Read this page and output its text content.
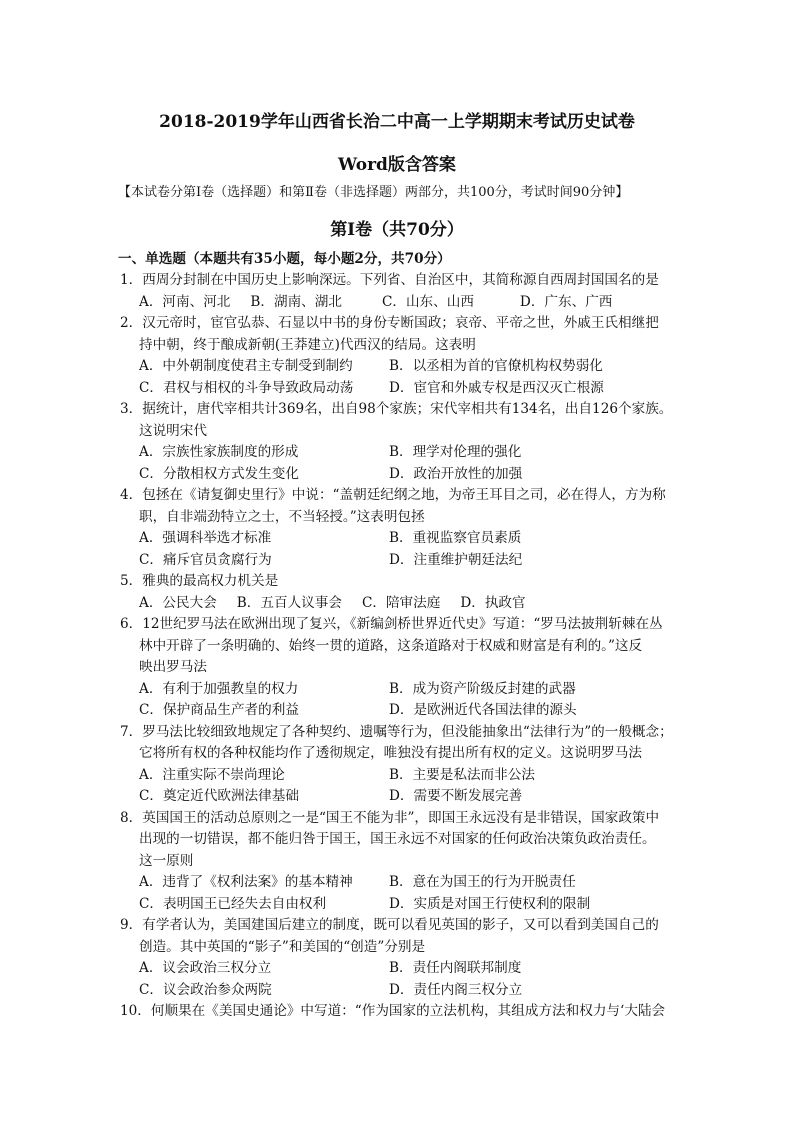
2018-2019学年山西省长治二中高一上学期期末考试历史试卷
Word版含答案
【本试卷分第Ⅰ卷（选择题）和第Ⅱ卷（非选择题）两部分，共100分，考试时间90分钟】
第Ⅰ卷（共70分）
一、单选题（本题共有35小题，每小题2分，共70分）
1．西周分封制在中国历史上影响深远。下列省、自治区中，其简称源自西周封国国名的是
A．河南、河北 B．湖南、湖北	C．山东、山西	D．广东、广西
2．汉元帝时，宦官弘恭、石显以中书的身份专断国政；哀帝、平帝之世，外戚王氏相继把
持中朝，终于酿成新朝(王莽建立)代西汉的结局。这表明
A．中外朝制度使君主专制受到制约	B．以丞相为首的官僚机构权势弱化
C．君权与相权的斗争导致政局动荡	D．宦官和外戚专权是西汉灭亡根源
3．据统计，唐代宰相共计369名，出自98个家族；宋代宰相共有134名，出自126个家族。
这说明宋代
A．宗族性家族制度的形成	B．理学对伦理的强化
C．分散相权方式发生变化	D．政治开放性的加强
4．包拯在《请复御史里行》中说：“盖朝廷纪纲之地，为帝王耳目之司，必在得人，方为称
职，自非端劲特立之士，不当轻授。”这表明包拯
A．强调科举选才标准	B．重视监察官员素质
C．痛斥官员贪腐行为	D．注重维护朝廷法纪
5．雅典的最高权力机关是
A．公民大会 B．五百人议事会 C．陪审法庭 D．执政官
6．12世纪罗马法在欧洲出现了复兴，《新编剑桥世界近代史》写道：“罗马法披荆斩棘在丛
林中开辟了一条明确的、始终一贯的道路，这条道路对于权威和财富是有利的。”这反
映出罗马法
A．有利于加强教皇的权力	B．成为资产阶级反封建的武器
C．保护商品生产者的利益	D．是欧洲近代各国法律的源头
7．罗马法比较细致地规定了各种契约、遗嘱等行为，但没能抽象出“法律行为”的一般概念；
它将所有权的各种权能均作了透彻规定，唯独没有提出所有权的定义。这说明罗马法
A．注重实际不崇尚理论	B．主要是私法而非公法
C．奠定近代欧洲法律基础	D．需要不断发展完善
8．英国国王的活动总原则之一是“国王不能为非”，即国王永远没有是非错误，国家政策中
出现的一切错误，都不能归咎于国王，国王永远不对国家的任何政治决策负政治责任。
这一原则
A．违背了《权利法案》的基本精神	B．意在为国王的行为开脱责任
C．表明国王已经失去自由权利	D．实质是对国王行使权利的限制
9．有学者认为，美国建国后建立的制度，既可以看见英国的影子，又可以看到美国自己的
创造。其中英国的“影子”和美国的“创造”分别是
A．议会政治三权分立	B．责任内阁联邦制度
C．议会政治参众两院	D．责任内阁三权分立
10．何顺果在《美国史通论》中写道：“作为国家的立法机构，其组成方法和权力与‘大陆会
